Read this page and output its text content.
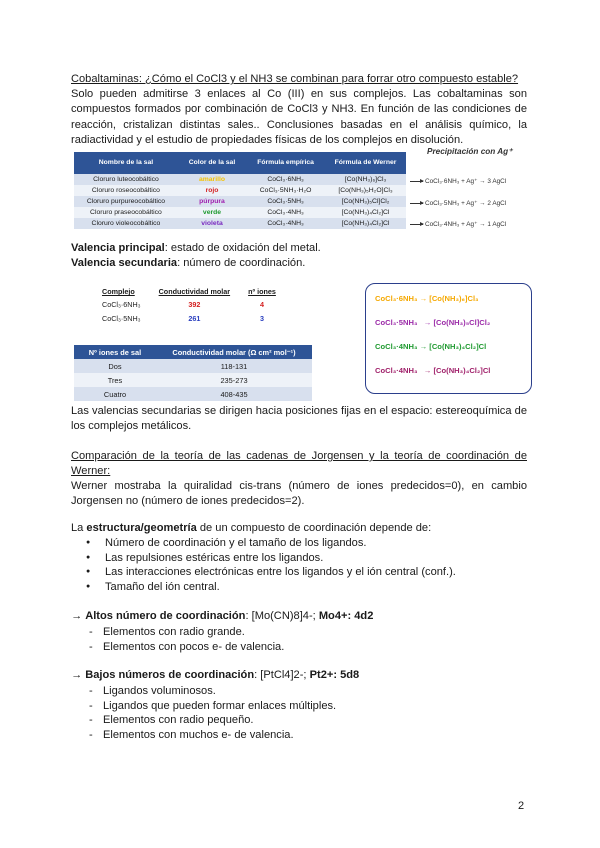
Cobaltaminas: ¿Cómo el CoCl3 y el NH3 se combinan para forrar otro compuesto estable?
Solo pueden admitirse 3 enlaces al Co (III) en sus complejos. Las cobaltaminas son compuestos formados por combinación de CoCl3 y NH3. En función de las condiciones de reacción, cristalizan distintas sales.. Conclusiones basadas en el análisis químico, la radiactividad y el estudio de propiedades físicas de los complejos en disolución.
Nombre de la sal	Color de la sal	Fórmula empírica	Fórmula de Werner
Cloruro luteocobáltico	amarillo	CoCl₃·6NH₃	[Co(NH₃)₆]Cl₃
Cloruro roseocobáltico	rojo	CoCl₃·5NH₃·H₂O	[Co(NH₃)₅H₂O]Cl₃
Cloruro purpureocobáltico	púrpura	CoCl₃·5NH₃	[Co(NH₃)₅Cl]Cl₂
Cloruro praseocobáltico	verde	CoCl₃·4NH₃	[Co(NH₃)₄Cl₂]Cl
Cloruro violeocobáltico	violeta	CoCl₃·4NH₃	[Co(NH₃)₄Cl₂]Cl
Precipitación con Ag⁺
CoCl₃·6NH₃ + Ag⁺ → 3 AgCl
CoCl₃·5NH₃ + Ag⁺ → 2 AgCl
CoCl₃·4NH₃ + Ag⁺ → 1 AgCl
Valencia principal: estado de oxidación del metal.
Valencia secundaria: número de coordinación.
Complejo	Conductividad molar	nº iones
CoCl₃·6NH₃	392	4
CoCl₃·5NH₃	261	3
Nº iones de sal	Conductividad molar (Ω cm² mol⁻¹)
Dos	118-131
Tres	235-273
Cuatro	408-435
CoCl₃·6NH₃ → [Co(NH₃)₆]Cl₃
CoCl₃·5NH₃   → [Co(NH₃)₅Cl]Cl₂
CoCl₃·4NH₃ → [Co(NH₃)₄Cl₂]Cl
CoCl₃·4NH₃   → [Co(NH₃)₄Cl₂]Cl
Las valencias secundarias se dirigen hacia posiciones fijas en el espacio: estereoquímica de los complejos metálicos.
Comparación de la teoría de las cadenas de Jorgensen y la teoría de coordinación de Werner:
Werner mostraba la quiralidad cis-trans (número de iones predecidos=0), en cambio Jorgensen no (número de iones predecidos=2).
La estructura/geometría de un compuesto de coordinación depende de:
● Número de coordinación y el tamaño de los ligandos.
● Las repulsiones estéricas entre los ligandos.
● Las interacciones electrónicas entre los ligandos y el ión central (conf.).
● Tamaño del ión central.
→ Altos número de coordinación: [Mo(CN)8]4-; Mo4+: 4d2
- Elementos con radio grande.
- Elementos con pocos e- de valencia.
→ Bajos números de coordinación: [PtCl4]2-; Pt2+: 5d8
- Ligandos voluminosos.
- Ligandos que pueden formar enlaces múltiples.
- Elementos con radio pequeño.
- Elementos con muchos e- de valencia.
2
